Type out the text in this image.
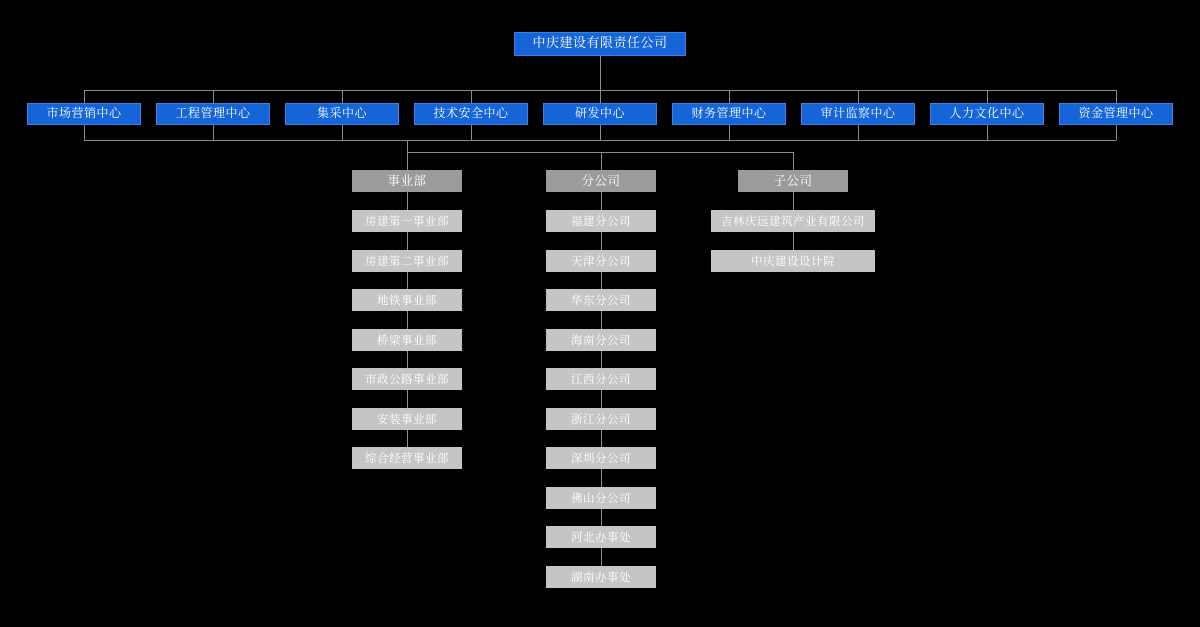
中庆建设有限责任公司
市场营销中心	工程管理中心	集采中心	技术安全中心	研发中心	财务管理中心	审计监察中心	人力文化中心	资金管理中心
事业部
房建第一事业部
房建第二事业部
地铁事业部
桥梁事业部
市政公路事业部
安装事业部
综合经营事业部
分公司
福建分公司
天津分公司
华东分公司
海南分公司
江西分公司
浙江分公司
深圳分公司
佛山分公司
河北办事处
湖南办事处
子公司
吉林庆远建筑产业有限公司
中庆建设设计院
